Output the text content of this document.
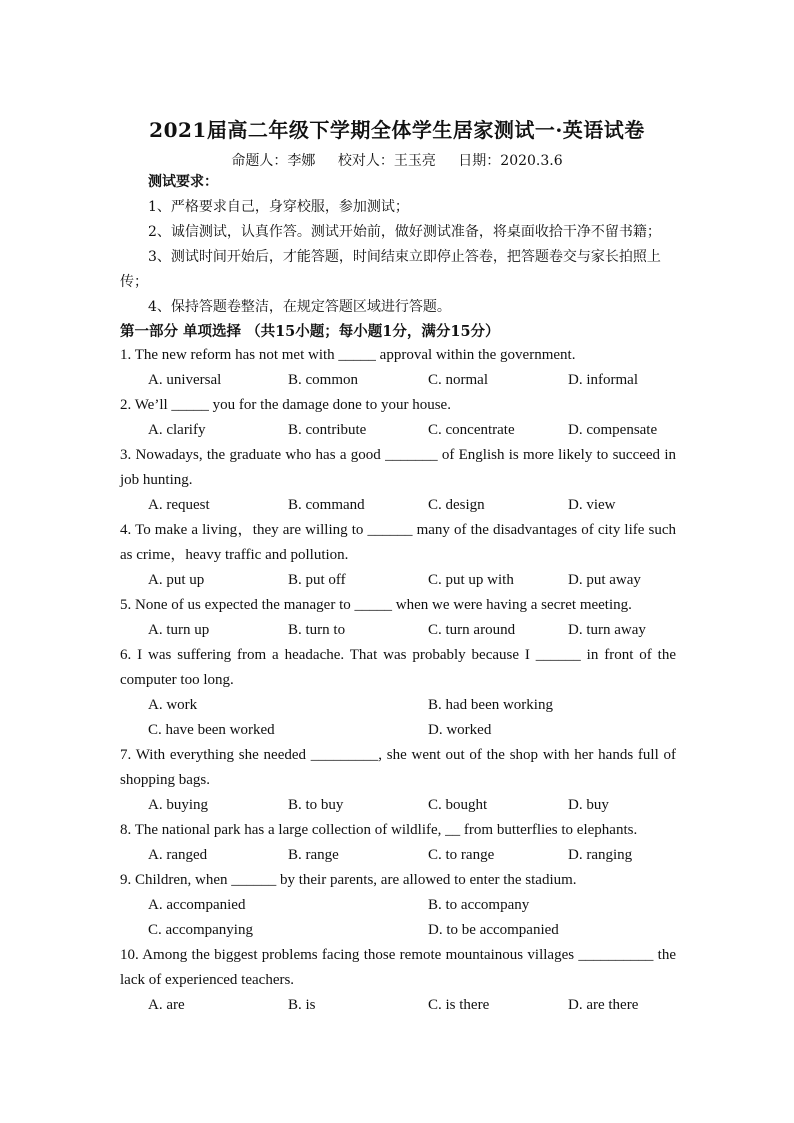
2021届高二年级下学期全体学生居家测试一·英语试卷
命题人：李娜 校对人：王玉亮 日期：2020.3.6

测试要求：

1、严格要求自己，身穿校服，参加测试；

2、诚信测试，认真作答。测试开始前，做好测试准备，将桌面收拾干净不留书籍；

3、测试时间开始后，才能答题，时间结束立即停止答卷，把答题卷交与家长拍照上传；

4、保持答题卷整洁，在规定答题区域进行答题。

第一部分 单项选择 （共15小题；每小题1分，满分15分）
1. The new reform has not met with _____ approval within the government.
A. universal	B. common	C. normal	D. informal
2. We’ll _____ you for the damage done to your house.
A. clarify	B. contribute	C. concentrate	D. compensate
3. Nowadays, the graduate who has a good _______ of English is more likely to succeed in job hunting.
A. request	B. command	C. design	D. view
4. To make a living，they are willing to ______ many of the disadvantages of city life such as crime，heavy traffic and pollution.
A. put up	B. put off	C. put up with	D. put away
5. None of us expected the manager to _____ when we were having a secret meeting.
A. turn up	B. turn to	C. turn around	D. turn away
6. I was suffering from a headache. That was probably because I ______ in front of the computer too long.
A. work	B. had been working
C. have been worked	D. worked
7. With everything she needed _________, she went out of the shop with her hands full of shopping bags.
A. buying	B. to buy	C. bought	D. buy
8. The national park has a large collection of wildlife, __ from butterflies to elephants.
A. ranged	B. range	C. to range	D. ranging
9. Children, when ______ by their parents, are allowed to enter the stadium.
A. accompanied	B. to accompany
C. accompanying	D. to be accompanied
10. Among the biggest problems facing those remote mountainous villages __________ the lack of experienced teachers.
A. are	B. is	C. is there	D. are there
